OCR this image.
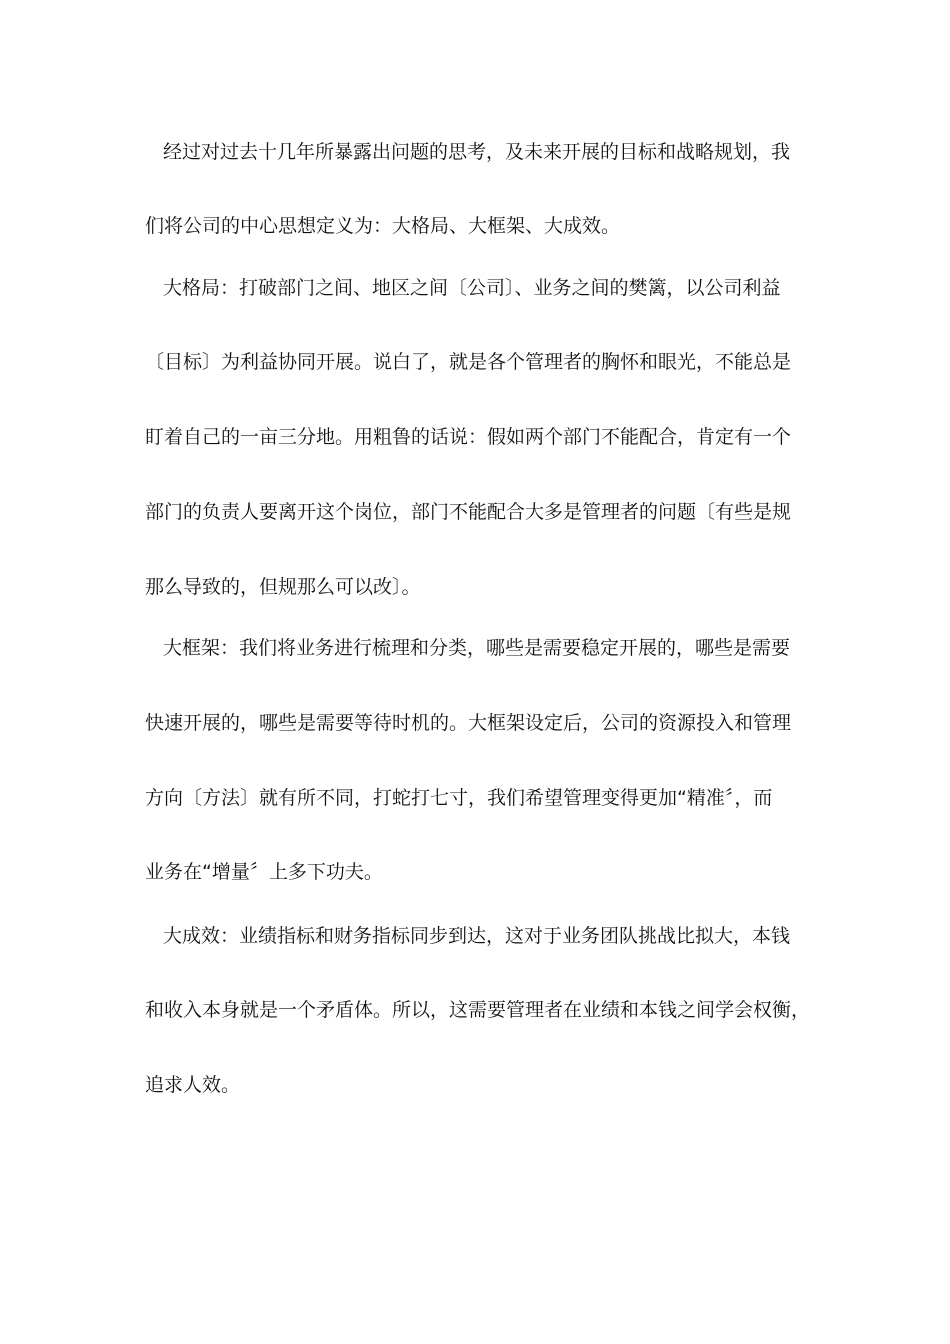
经过对过去十几年所暴露出问题的思考，及未来开展的目标和战略规划，我
们将公司的中心思想定义为：大格局、大框架、大成效。
大格局：打破部门之间、地区之间〔公司〕、业务之间的樊篱，以公司利益
〔目标〕为利益协同开展。说白了，就是各个管理者的胸怀和眼光，不能总是
盯着自己的一亩三分地。用粗鲁的话说：假如两个部门不能配合，肯定有一个
部门的负责人要离开这个岗位，部门不能配合大多是管理者的问题〔有些是规
那么导致的，但规那么可以改〕。
大框架：我们将业务进行梳理和分类，哪些是需要稳定开展的，哪些是需要
快速开展的，哪些是需要等待时机的。大框架设定后，公司的资源投入和管理
方向〔方法〕就有所不同，打蛇打七寸，我们希望管理变得更加“精准〞，而
业务在“增量〞上多下功夫。
大成效：业绩指标和财务指标同步到达，这对于业务团队挑战比拟大，本钱
和收入本身就是一个矛盾体。所以，这需要管理者在业绩和本钱之间学会权衡，
追求人效。
